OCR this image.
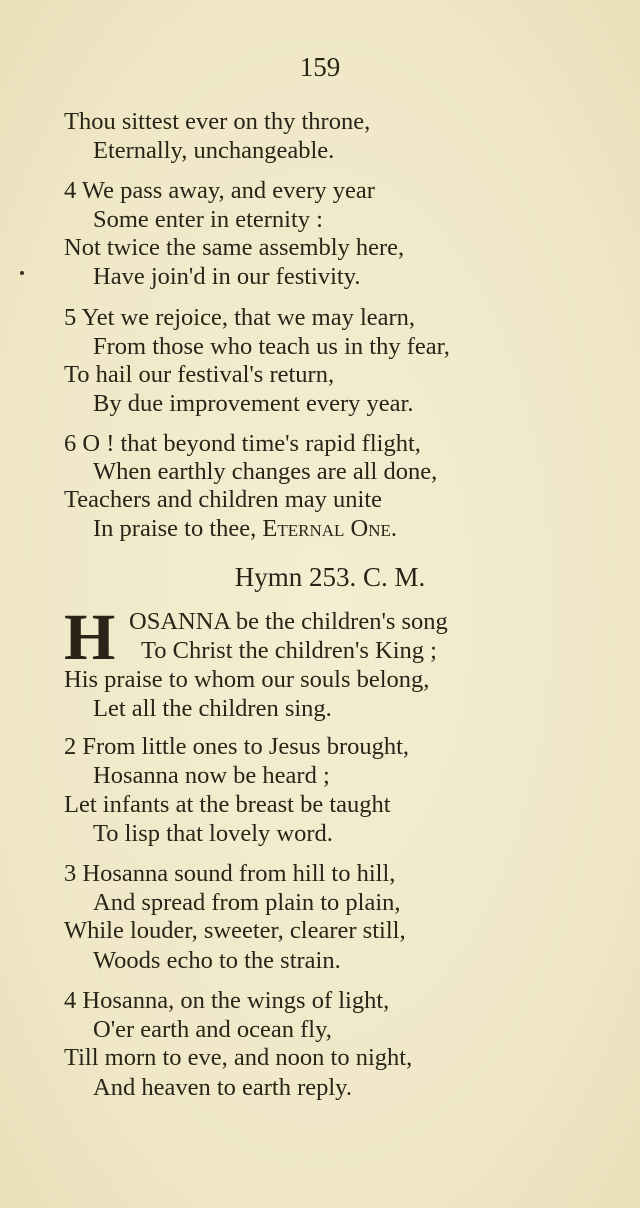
159
Hymn 253. C. M.
H
Thou sittest ever on thy throne,
Eternally, unchangeable.
4 We pass away, and every year
Some enter in eternity :
Not twice the same assembly here,
Have join'd in our festivity.
5 Yet we rejoice, that we may learn,
From those who teach us in thy fear,
To hail our festival's return,
By due improvement every year.
6 O ! that beyond time's rapid flight,
When earthly changes are all done,
Teachers and children may unite
In praise to thee, Eternal One.
OSANNA be the children's song
To Christ the children's King ;
His praise to whom our souls belong,
Let all the children sing.
2 From little ones to Jesus brought,
Hosanna now be heard ;
Let infants at the breast be taught
To lisp that lovely word.
3 Hosanna sound from hill to hill,
And spread from plain to plain,
While louder, sweeter, clearer still,
Woods echo to the strain.
4 Hosanna, on the wings of light,
O'er earth and ocean fly,
Till morn to eve, and noon to night,
And heaven to earth reply.
